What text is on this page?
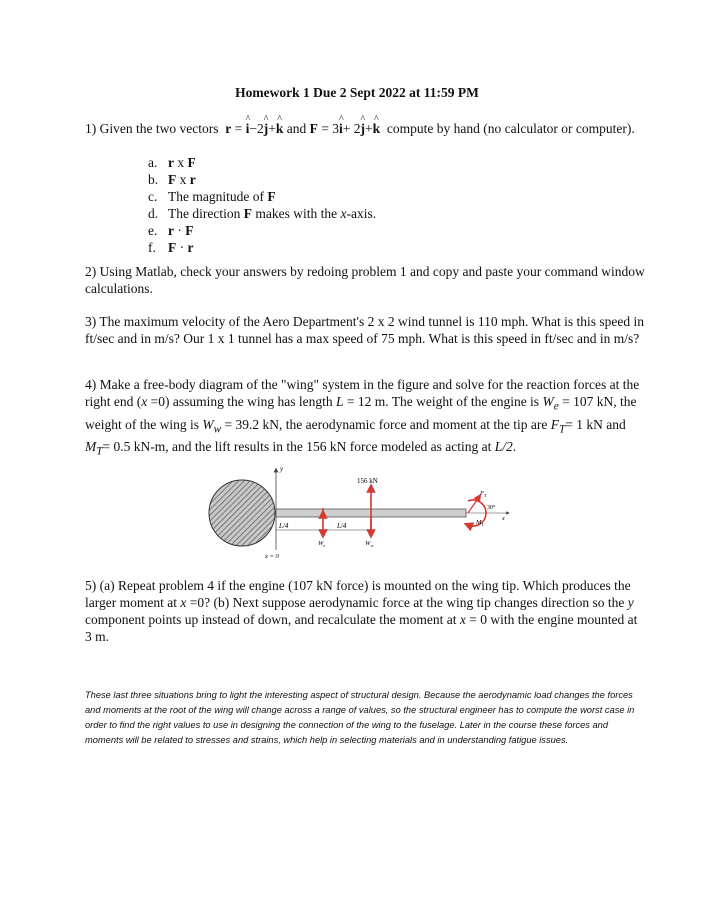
Homework 1 Due 2 Sept 2022 at 11:59 PM
1) Given the two vectors r = i ^−2j ^+k ^ and F = 3i ^+ 2j ^+k ^ compute by hand (no calculator or computer).
a. r x F
b. F x r
c. The magnitude of F
d. The direction F makes with the x-axis.
e. r · F
f. F · r
2) Using Matlab, check your answers by redoing problem 1 and copy and paste your command window calculations.
3) The maximum velocity of the Aero Department's 2 x 2 wind tunnel is 110 mph. What is this speed in ft/sec and in m/s? Our 1 x 1 tunnel has a max speed of 75 mph. What is this speed in ft/sec and in m/s?
4) Make a free-body diagram of the "wing" system in the figure and solve for the reaction forces at the right end (x =0) assuming the wing has length L = 12 m. The weight of the engine is $W_e = 107$ kN, the weight of the wing is $W_w = 39.2$ kN, the aerodynamic force and moment at the tip are $F_T= 1$ kN and $M_T= 0.5$ kN-m, and the lift results in the 156 kN force modeled as acting at L/2.
y
x
156 kN
$W_e$	$W_w$
L/4	L/4
x = 0
$M_T$
$F_T$
30°
5) (a) Repeat problem 4 if the engine (107 kN force) is mounted on the wing tip. Which produces the larger moment at x =0? (b) Next suppose aerodynamic force at the wing tip changes direction so the y component points up instead of down, and recalculate the moment at x = 0 with the engine mounted at 3 m.
These last three situations bring to light the interesting aspect of structural design. Because the aerodynamic load changes the forces and moments at the root of the wing will change across a range of values, so the structural engineer has to compute the worst case in order to find the right values to use in designing the connection of the wing to the fuselage. Later in the course these forces and moments will be related to stresses and strains, which help in selecting materials and in understanding fatigue issues.
